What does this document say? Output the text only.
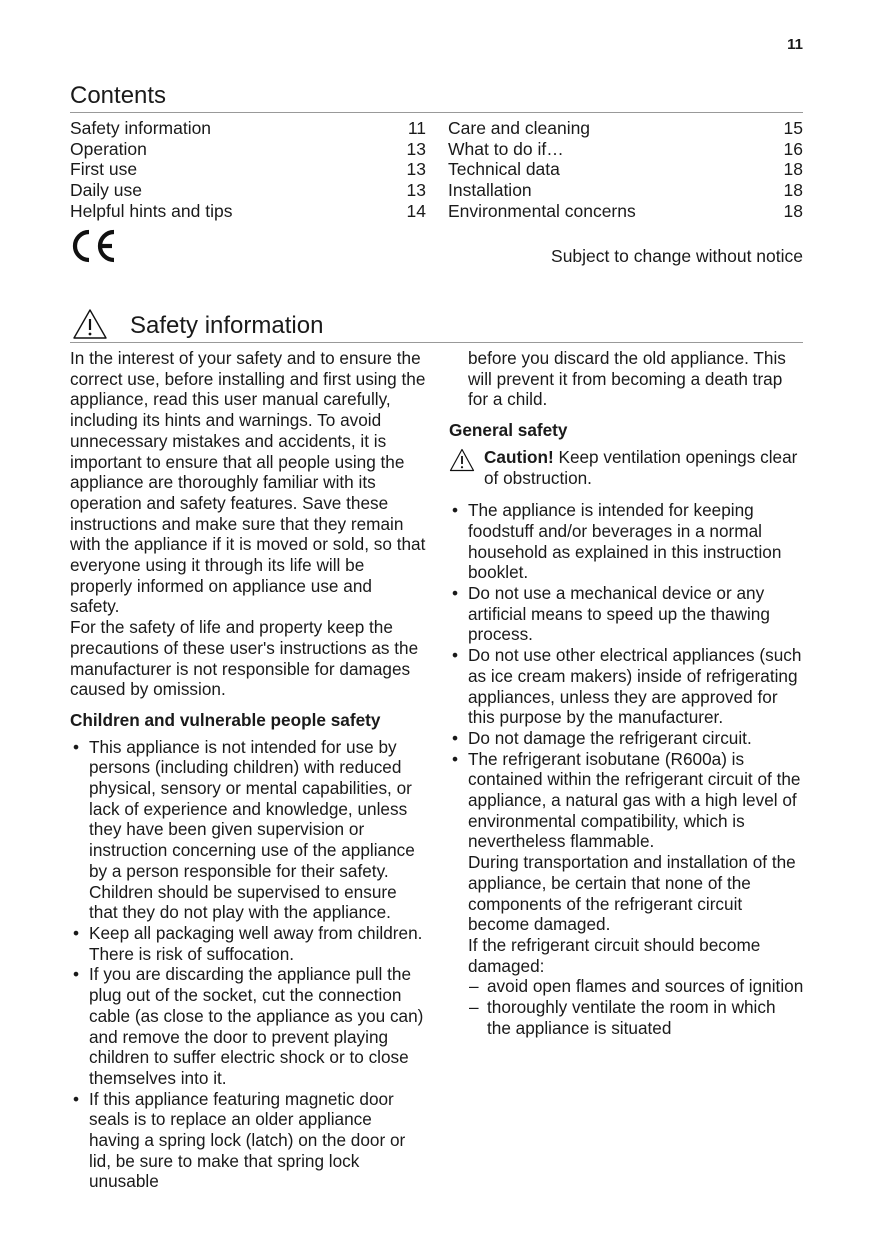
11
Contents
Safety information	11
Operation	13
First use	13
Daily use	13
Helpful hints and tips	14
Care and cleaning	15
What to do if…	16
Technical data	18
Installation	18
Environmental concerns	18
Subject to change without notice
Safety information

In the interest of your safety and to ensure the correct use, before installing and first using the appliance, read this user manual carefully, including its hints and warnings. To avoid unnecessary mistakes and accidents, it is important to ensure that all people using the appliance are thoroughly familiar with its operation and safety features. Save these instructions and make sure that they remain with the appliance if it is moved or sold, so that everyone using it through its life will be properly informed on appliance use and safety.

For the safety of life and property keep the precautions of these user's instructions as the manufacturer is not responsible for damages caused by omission.

Children and vulnerable people safety

• This appliance is not intended for use by persons (including children) with reduced physical, sensory or mental capabilities, or lack of experience and knowledge, unless they have been given supervision or instruction concerning use of the appliance by a person responsible for their safety. Children should be supervised to ensure that they do not play with the appliance.
• Keep all packaging well away from children. There is risk of suffocation.
• If you are discarding the appliance pull the plug out of the socket, cut the connection cable (as close to the appliance as you can) and remove the door to prevent playing children to suffer electric shock or to close themselves into it.
• If this appliance featuring magnetic door seals is to replace an older appliance having a spring lock (latch) on the door or lid, be sure to make that spring lock unusable

before you discard the old appliance. This will prevent it from becoming a death trap for a child.

General safety

Caution! Keep ventilation openings clear of obstruction.
• The appliance is intended for keeping foodstuff and/or beverages in a normal household as explained in this instruction booklet.
• Do not use a mechanical device or any artificial means to speed up the thawing process.
• Do not use other electrical appliances (such as ice cream makers) inside of refrigerating appliances, unless they are approved for this purpose by the manufacturer.
• Do not damage the refrigerant circuit.
• The refrigerant isobutane (R600a) is contained within the refrigerant circuit of the appliance, a natural gas with a high level of environmental compatibility, which is nevertheless flammable.
During transportation and installation of the appliance, be certain that none of the components of the refrigerant circuit become damaged.
If the refrigerant circuit should become damaged:
– avoid open flames and sources of ignition
– thoroughly ventilate the room in which the appliance is situated
